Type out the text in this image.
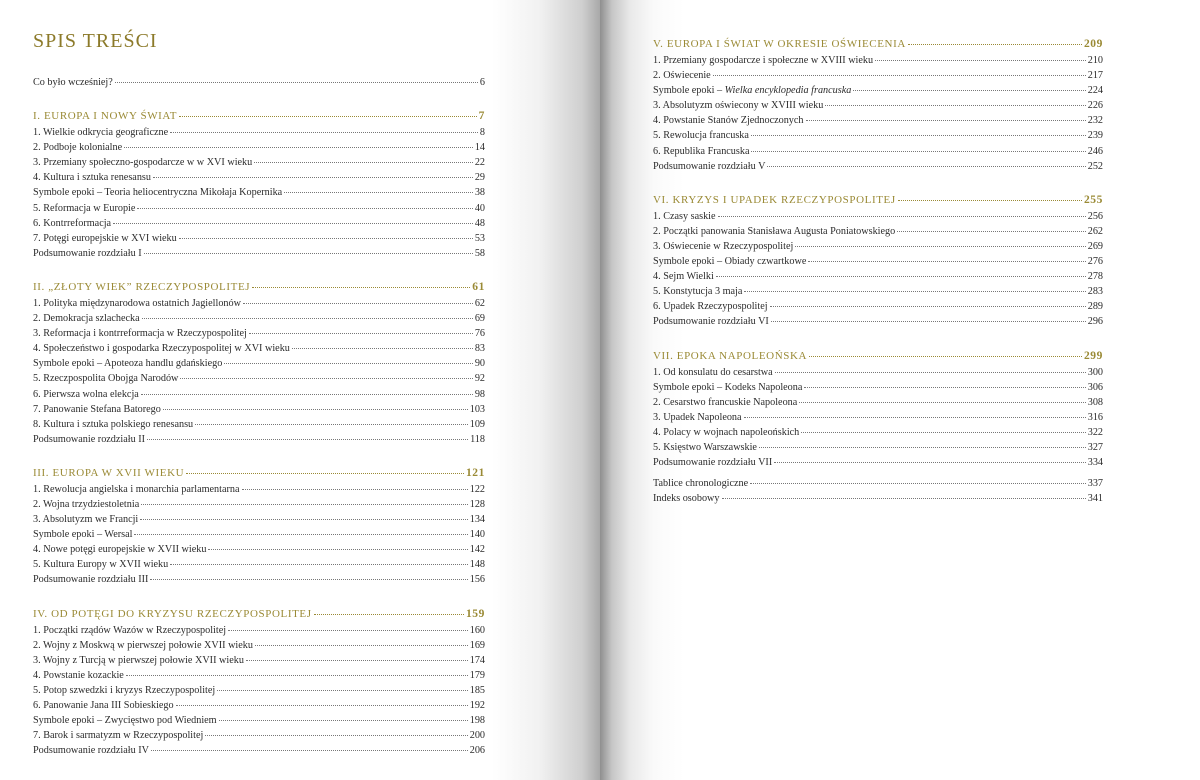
SPIS TREŚCI
Co było wcześniej?	6
I. EUROPA I NOWY ŚWIAT	7
1. Wielkie odkrycia geograficzne	8
2. Podboje kolonialne	14
3. Przemiany społeczno-gospodarcze w w XVI wieku	22
4. Kultura i sztuka renesansu	29
Symbole epoki – Teoria heliocentryczna Mikołaja Kopernika	38
5. Reformacja w Europie	40
6. Kontrreformacja	48
7. Potęgi europejskie w XVI wieku	53
Podsumowanie rozdziału I	58
II. „ZŁOTY WIEK” RZECZYPOSPOLITEJ	61
1. Polityka międzynarodowa ostatnich Jagiellonów	62
2. Demokracja szlachecka	69
3. Reformacja i kontrreformacja w Rzeczypospolitej	76
4. Społeczeństwo i gospodarka Rzeczypospolitej w XVI wieku	83
Symbole epoki – Apoteoza handlu gdańskiego	90
5. Rzeczpospolita Obojga Narodów	92
6. Pierwsza wolna elekcja	98
7. Panowanie Stefana Batorego	103
8. Kultura i sztuka polskiego renesansu	109
Podsumowanie rozdziału II	118
III. EUROPA W XVII WIEKU	121
1. Rewolucja angielska i monarchia parlamentarna	122
2. Wojna trzydziestoletnia	128
3. Absolutyzm we Francji	134
Symbole epoki – Wersal	140
4. Nowe potęgi europejskie w XVII wieku	142
5. Kultura Europy w XVII wieku	148
Podsumowanie rozdziału III	156
IV. OD POTĘGI DO KRYZYSU RZECZYPOSPOLITEJ	159
1. Początki rządów Wazów w Rzeczypospolitej	160
2. Wojny z Moskwą w pierwszej połowie XVII wieku	169
3. Wojny z Turcją w pierwszej połowie XVII wieku	174
4. Powstanie kozackie	179
5. Potop szwedzki i kryzys Rzeczypospolitej	185
6. Panowanie Jana III Sobieskiego	192
Symbole epoki – Zwycięstwo pod Wiedniem	198
7. Barok i sarmatyzm w Rzeczypospolitej	200
Podsumowanie rozdziału IV	206
V. EUROPA I ŚWIAT W OKRESIE OŚWIECENIA	209
1. Przemiany gospodarcze i społeczne w XVIII wieku	210
2. Oświecenie	217
Symbole epoki – Wielka encyklopedia francuska	224
3. Absolutyzm oświecony w XVIII wieku	226
4. Powstanie Stanów Zjednoczonych	232
5. Rewolucja francuska	239
6. Republika Francuska	246
Podsumowanie rozdziału V	252
VI. KRYZYS I UPADEK RZECZYPOSPOLITEJ	255
1. Czasy saskie	256
2. Początki panowania Stanisława Augusta Poniatowskiego	262
3. Oświecenie w Rzeczypospolitej	269
Symbole epoki – Obiady czwartkowe	276
4. Sejm Wielki	278
5. Konstytucja 3 maja	283
6. Upadek Rzeczypospolitej	289
Podsumowanie rozdziału VI	296
VII. EPOKA NAPOLEOŃSKA	299
1. Od konsulatu do cesarstwa	300
Symbole epoki – Kodeks Napoleona	306
2. Cesarstwo francuskie Napoleona	308
3. Upadek Napoleona	316
4. Polacy w wojnach napoleońskich	322
5. Księstwo Warszawskie	327
Podsumowanie rozdziału VII	334
Tablice chronologiczne	337
Indeks osobowy	341
